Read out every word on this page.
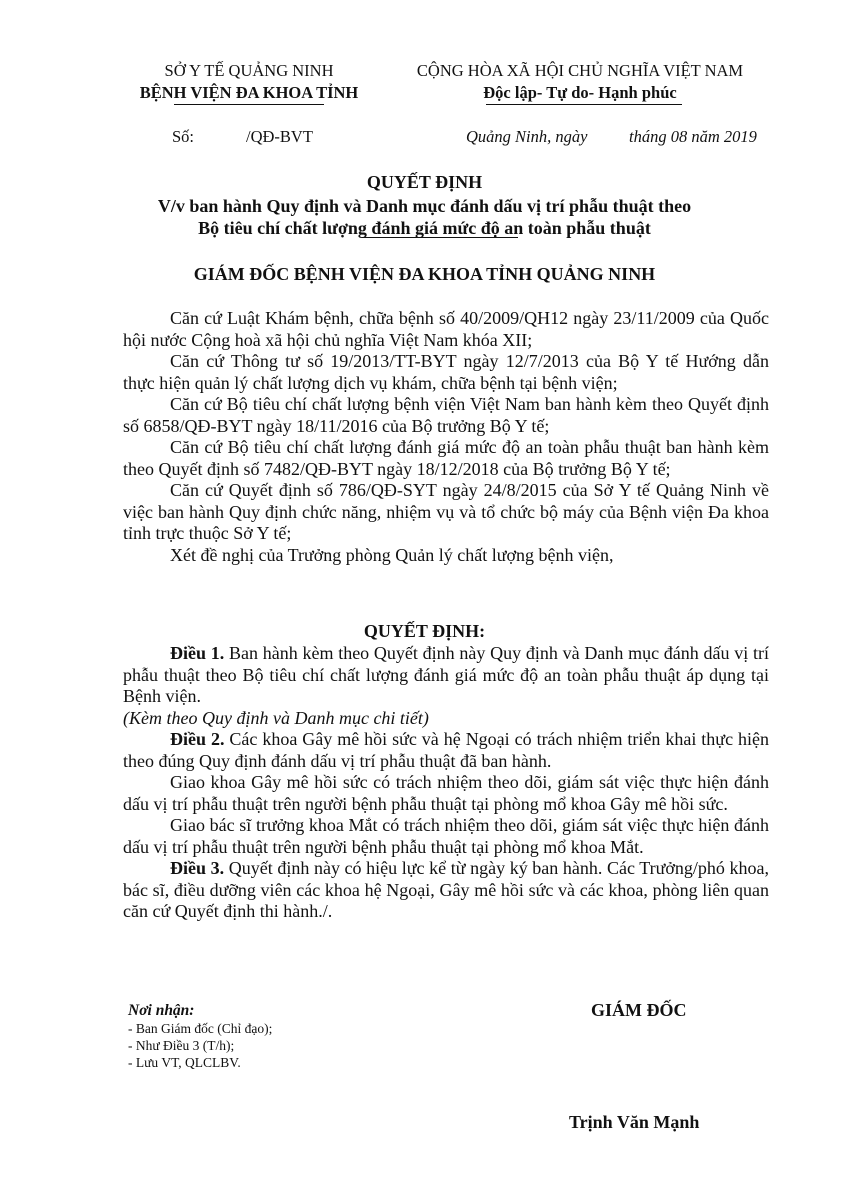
SỞ Y TẾ QUẢNG NINH
BỆNH VIỆN ĐA KHOA TỈNH
CỘNG HÒA XÃ HỘI CHỦ NGHĨA VIỆT NAM
Độc lập- Tự do- Hạnh phúc
Số:	/QĐ-BVT	Quảng Ninh, ngày	tháng 08 năm 2019
QUYẾT ĐỊNH
V/v ban hành Quy định và Danh mục đánh dấu vị trí phẫu thuật theo
Bộ tiêu chí chất lượng đánh giá mức độ an toàn phẫu thuật
GIÁM ĐỐC BỆNH VIỆN ĐA KHOA TỈNH QUẢNG NINH

Căn cứ Luật Khám bệnh, chữa bệnh số 40/2009/QH12 ngày 23/11/2009 của Quốc hội nước Cộng hoà xã hội chủ nghĩa Việt Nam khóa XII;

Căn cứ Thông tư số 19/2013/TT-BYT ngày 12/7/2013 của Bộ Y tế Hướng dẫn thực hiện quản lý chất lượng dịch vụ khám, chữa bệnh tại bệnh viện;

Căn cứ Bộ tiêu chí chất lượng bệnh viện Việt Nam ban hành kèm theo Quyết định số 6858/QĐ-BYT ngày 18/11/2016 của Bộ trưởng Bộ Y tế;

Căn cứ Bộ tiêu chí chất lượng đánh giá mức độ an toàn phẫu thuật ban hành kèm theo Quyết định số 7482/QĐ-BYT ngày 18/12/2018 của Bộ trưởng Bộ Y tế;

Căn cứ Quyết định số 786/QĐ-SYT ngày 24/8/2015 của Sở Y tế Quảng Ninh về việc ban hành Quy định chức năng, nhiệm vụ và tổ chức bộ máy của Bệnh viện Đa khoa tỉnh trực thuộc Sở Y tế;

Xét đề nghị của Trưởng phòng Quản lý chất lượng bệnh viện,

QUYẾT ĐỊNH:

Điều 1. Ban hành kèm theo Quyết định này Quy định và Danh mục đánh dấu vị trí phẫu thuật theo Bộ tiêu chí chất lượng đánh giá mức độ an toàn phẫu thuật áp dụng tại Bệnh viện.

(Kèm theo Quy định và Danh mục chi tiết)

Điều 2. Các khoa Gây mê hồi sức và hệ Ngoại có trách nhiệm triển khai thực hiện theo đúng Quy định đánh dấu vị trí phẫu thuật đã ban hành.

Giao khoa Gây mê hồi sức có trách nhiệm theo dõi, giám sát việc thực hiện đánh dấu vị trí phẫu thuật trên người bệnh phẫu thuật tại phòng mổ khoa Gây mê hồi sức.

Giao bác sĩ trưởng khoa Mắt có trách nhiệm theo dõi, giám sát việc thực hiện đánh dấu vị trí phẫu thuật trên người bệnh phẫu thuật tại phòng mổ khoa Mắt.

Điều 3. Quyết định này có hiệu lực kể từ ngày ký ban hành. Các Trưởng/phó khoa, bác sĩ, điều dưỡng viên các khoa hệ Ngoại, Gây mê hồi sức và các khoa, phòng liên quan căn cứ Quyết định thi hành./.

Nơi nhận:
- Ban Giám đốc (Chỉ đạo);
- Như Điều 3 (T/h);
- Lưu VT, QLCLBV.
GIÁM ĐỐC
Trịnh Văn Mạnh
